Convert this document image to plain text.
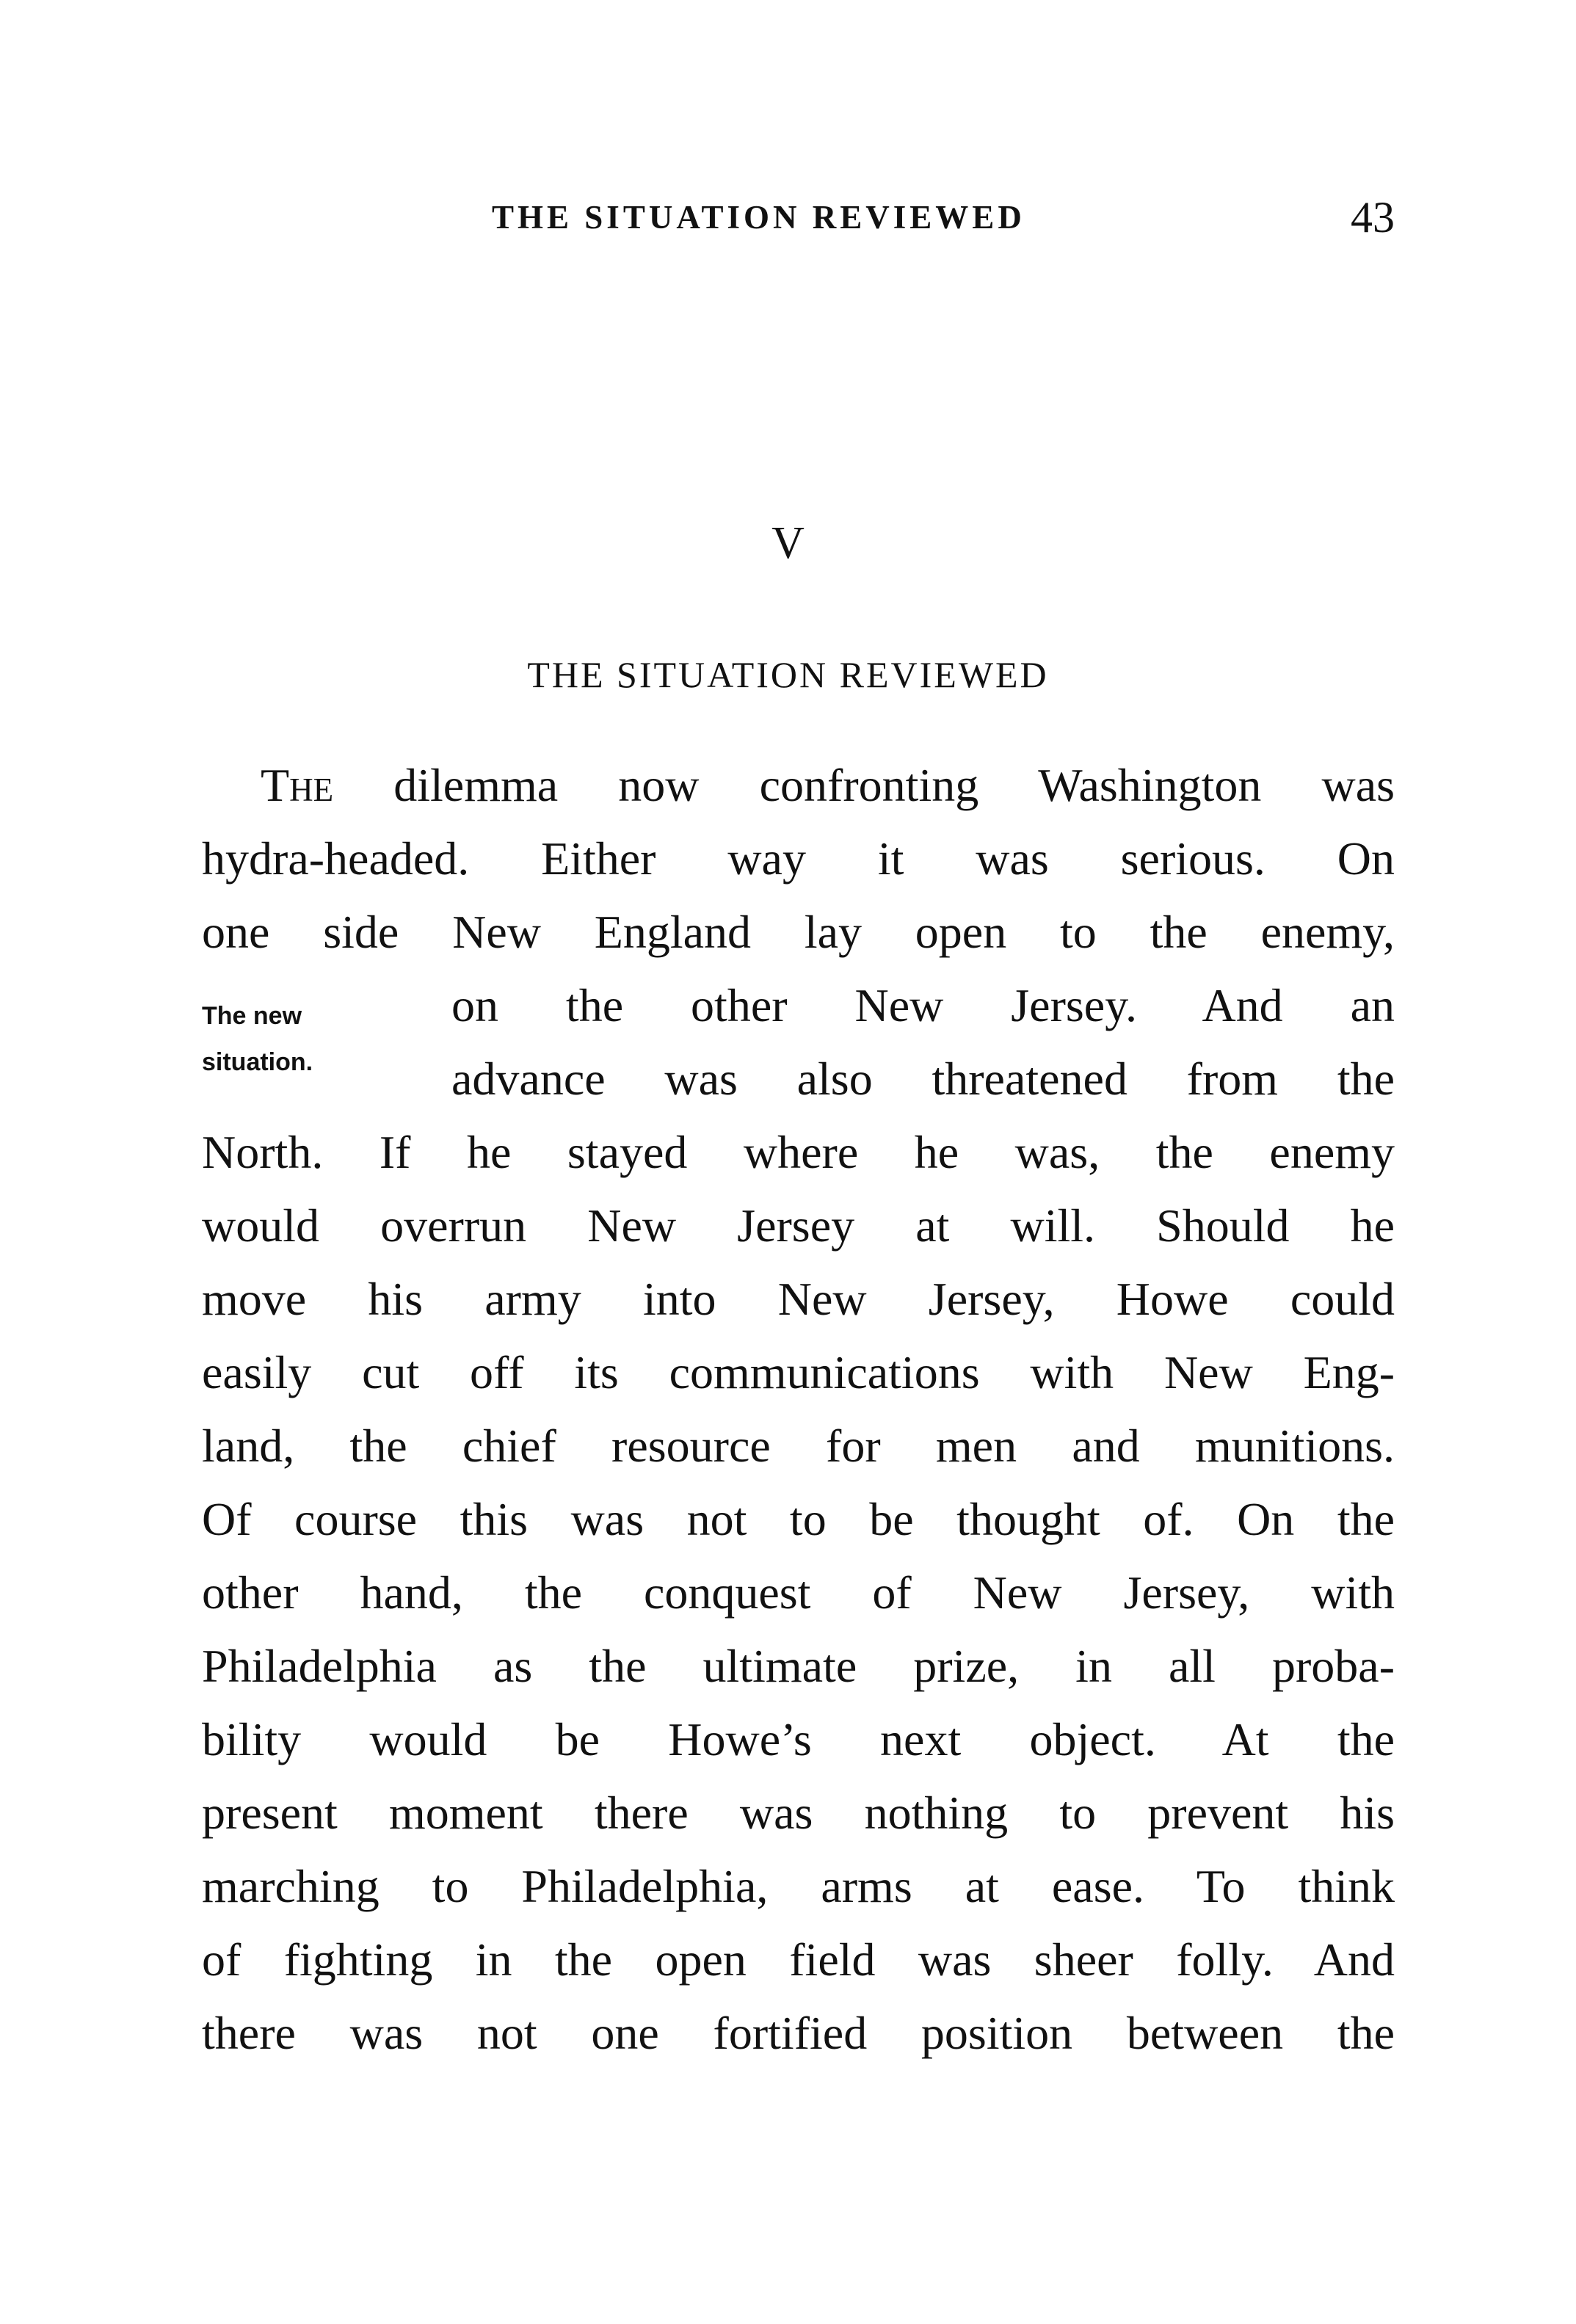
THE SITUATION REVIEWED	43
V
THE SITUATION REVIEWED
The new
situation.
The dilemma now confronting Washington was
hydra-headed. Either way it was serious. On
one side New England lay open to the enemy,
on the other New Jersey. And an
advance was also threatened from the
North. If he stayed where he was, the enemy
would overrun New Jersey at will. Should he
move his army into New Jersey, Howe could
easily cut off its communications with New Eng-
land, the chief resource for men and munitions.
Of course this was not to be thought of. On the
other hand, the conquest of New Jersey, with
Philadelphia as the ultimate prize, in all proba-
bility would be Howe’s next object. At the
present moment there was nothing to prevent his
marching to Philadelphia, arms at ease. To think
of fighting in the open field was sheer folly. And
there was not one fortified position between the
